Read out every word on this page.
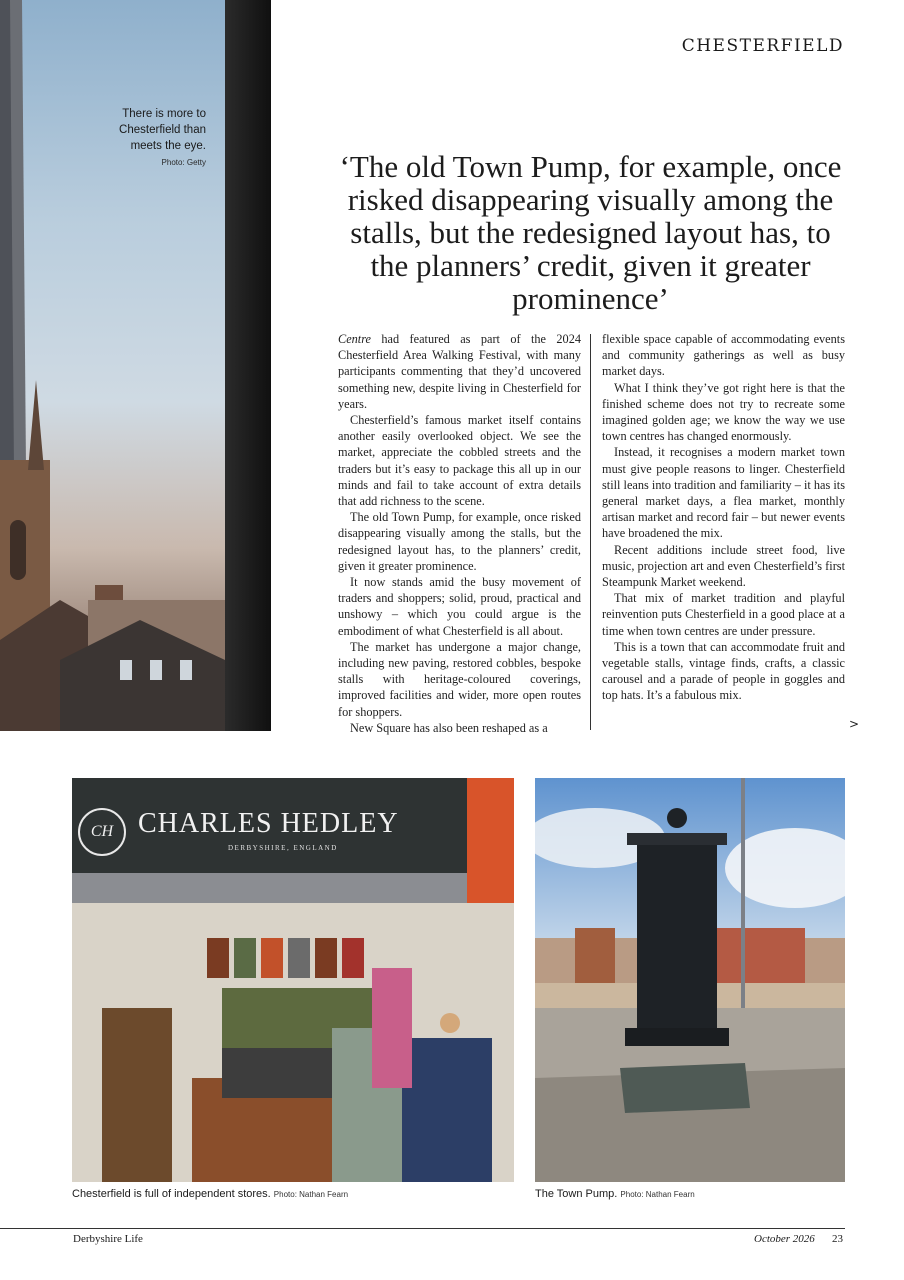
There is more to Chesterfield than meets the eye. Photo: Getty
CHESTERFIELD
‘The old Town Pump, for example, once risked disappearing visually among the stalls, but the redesigned layout has, to the planners’ credit, given it greater prominence’

Centre had featured as part of the 2024 Chesterfield Area Walking Festival, with many participants commenting that they’d uncovered something new, despite living in Chesterfield for years.

Chesterfield’s famous market itself contains another easily overlooked object. We see the market, appreciate the cobbled streets and the traders but it’s easy to package this all up in our minds and fail to take account of extra details that add richness to the scene.

The old Town Pump, for example, once risked disappearing visually among the stalls, but the redesigned layout has, to the planners’ credit, given it greater prominence.

It now stands amid the busy movement of traders and shoppers; solid, proud, practical and unshowy – which you could argue is the embodiment of what Chesterfield is all about.

The market has undergone a major change, including new paving, restored cobbles, bespoke stalls with heritage-coloured coverings, improved facilities and wider, more open routes for shoppers.

New Square has also been reshaped as a

flexible space capable of accommodating events and community gatherings as well as busy market days.

What I think they’ve got right here is that the finished scheme does not try to recreate some imagined golden age; we know the way we use town centres has changed enormously.

Instead, it recognises a modern market town must give people reasons to linger. Chesterfield still leans into tradition and familiarity – it has its general market days, a flea market, monthly artisan market and record fair – but newer events have broadened the mix.

Recent additions include street food, live music, projection art and even Chesterfield’s first Steampunk Market weekend.

That mix of market tradition and playful reinvention puts Chesterfield in a good place at a time when town centres are under pressure.

This is a town that can accommodate fruit and vegetable stalls, vintage finds, crafts, a classic carousel and a parade of people in goggles and top hats. It’s a fabulous mix.

>
CH CHARLES HEDLEY
DERBYSHIRE, ENGLAND
Chesterfield is full of independent stores. Photo: Nathan Fearn	The Town Pump. Photo: Nathan Fearn
Derbyshire Life	October 2026 23
